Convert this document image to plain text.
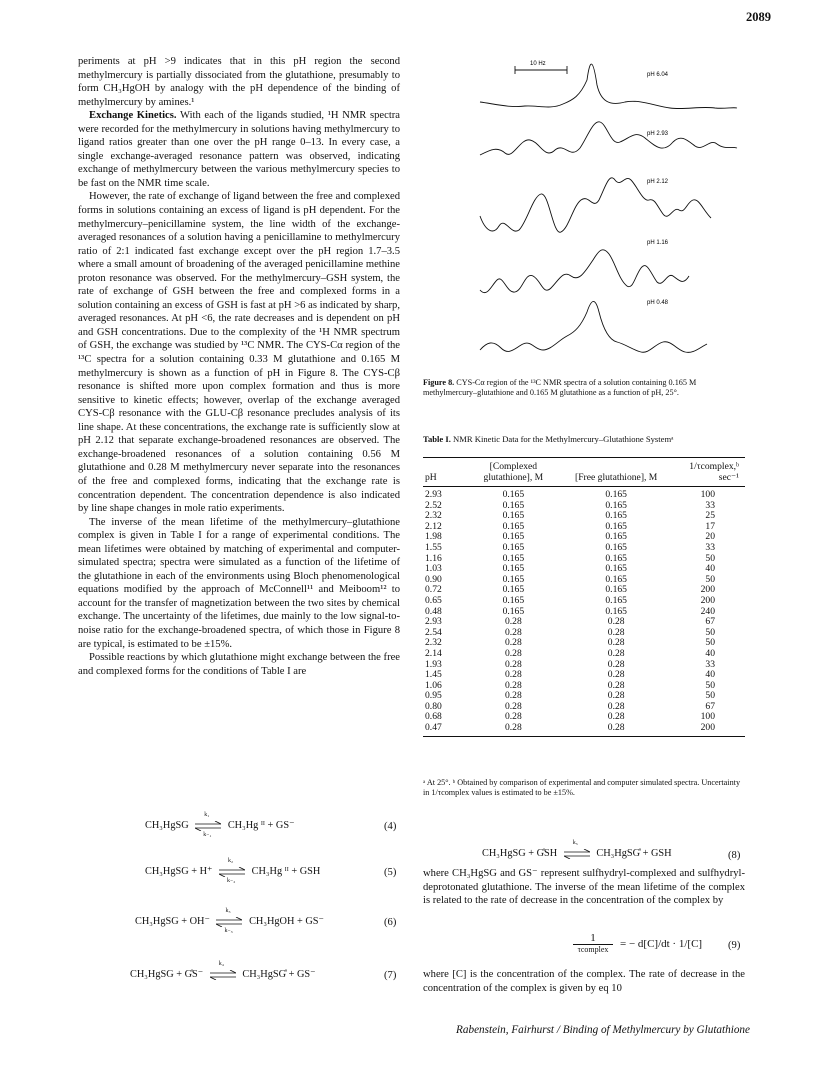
2089

periments at pH >9 indicates that in this pH region the second methylmercury is partially dissociated from the glutathione, presumably to form CH₃HgOH by analogy with the pH dependence of the binding of methylmercury by amines.¹

Exchange Kinetics. With each of the ligands studied, ¹H NMR spectra were recorded for the methylmercury in solutions having methylmercury to ligand ratios greater than one over the pH range 0–13. In every case, a single exchange-averaged resonance pattern was observed, indicating exchange of methylmercury between the various methylmercury species to be fast on the NMR time scale.

However, the rate of exchange of ligand between the free and complexed forms in solutions containing an excess of ligand is pH dependent. For the methylmercury–penicillamine system, the line width of the exchange-averaged resonances of a solution having a penicillamine to methylmercury ratio of 2:1 indicated fast exchange except over the pH region 1.7–3.5 where a small amount of broadening of the averaged penicillamine methine proton resonance was observed. For the methylmercury–GSH system, the rate of exchange of GSH between the free and complexed forms in a solution containing an excess of GSH is fast at pH >6 as indicated by sharp, averaged resonances. At pH <6, the rate decreases and is dependent on pH and GSH concentrations. Due to the complexity of the ¹H NMR spectrum of GSH, the exchange was studied by ¹³C NMR. The CYS-Cα region of the ¹³C spectra for a solution containing 0.33 M glutathione and 0.165 M methylmercury is shown as a function of pH in Figure 8. The CYS-Cβ resonance is shifted more upon complex formation and thus is more sensitive to kinetic effects; however, overlap of the exchange averaged CYS-Cβ resonance with the GLU-Cβ resonance precludes analysis of its line shape. At these concentrations, the exchange rate is sufficiently slow at pH 2.12 that separate exchange-broadened resonances are observed. The exchange-broadened resonances of a solution containing 0.56 M glutathione and 0.28 M methylmercury never separate into the resonances of the free and complexed forms, indicating that the exchange rate is concentration dependent. The concentration dependence is also indicated by line shape changes in mole ratio experiments.

The inverse of the mean lifetime of the methylmercury–glutathione complex is given in Table I for a range of experimental conditions. The mean lifetimes were obtained by matching of experimental and computer-simulated spectra; spectra were simulated as a function of the lifetime of the glutathione in each of the environments using Bloch phenomenological equations modified by the approach of McConnell¹¹ and Meiboom¹² to account for the transfer of magnetization between the two sites by chemical exchange. The uncertainty of the lifetimes, due mainly to the low signal-to-noise ratio for the exchange-broadened spectra, of which those in Figure 8 are typical, is estimated to be ±15%.

Possible reactions by which glutathione might exchange between the free and complexed forms for the conditions of Table I are

10 Hz
pH 6.04
pH 2.93
pH 2.12
pH 1.16
pH 0.48
Figure 8. CYS-Cα region of the ¹³C NMR spectra of a solution containing 0.165 M methylmercury–glutathione and 0.165 M glutathione as a function of pH, 25°.
Table I. NMR Kinetic Data for the Methylmercury–Glutathione Systemᵃ
pH	[Complexed glutathione], M	[Free glutathione], M	1/τcomplex,ᵇ sec⁻¹
2.93	0.165	0.165	100
2.52	0.165	0.165	33
2.32	0.165	0.165	25
2.12	0.165	0.165	17
1.98	0.165	0.165	20
1.55	0.165	0.165	33
1.16	0.165	0.165	50
1.03	0.165	0.165	40
0.90	0.165	0.165	50
0.72	0.165	0.165	200
0.65	0.165	0.165	200
0.48	0.165	0.165	240
2.93	0.28	0.28	67
2.54	0.28	0.28	50
2.32	0.28	0.28	50
2.14	0.28	0.28	40
1.93	0.28	0.28	33
1.45	0.28	0.28	40
1.06	0.28	0.28	50
0.95	0.28	0.28	50
0.80	0.28	0.28	67
0.68	0.28	0.28	100
0.47	0.28	0.28	200
ᵃ At 25°. ᵇ Obtained by comparison of experimental and computer simulated spectra. Uncertainty in 1/τcomplex values is estimated to be ±15%.
CH₃HgSG
k₁
k₋₁
CH₃Hg ᴵᴵ + GS⁻	(4)
CH₃HgSG + H⁺
k₂
k₋₂
CH₃Hg ᴵᴵ + GSH	(5)
CH₃HgSG + OH⁻
k₃
k₋₃
CH₃HgOH + GS⁻	(6)
CH₃HgSG + G̊S⁻
k₄
CH₃HgSG̊ + GS⁻	(7)
CH₃HgSG + G̊SH
k₅
CH₃HgSG̊ + GSH	(8)
where CH₃HgSG and GS⁻ represent sulfhydryl-complexed and sulfhydryl-deprotonated glutathione. The inverse of the mean lifetime of the complex is related to the rate of decrease in the concentration of the complex by
1
τcomplex	= − d[C]/dt · 1/[C] (9)
where [C] is the concentration of the complex. The rate of decrease in the concentration of the complex is given by eq 10
Rabenstein, Fairhurst / Binding of Methylmercury by Glutathione
